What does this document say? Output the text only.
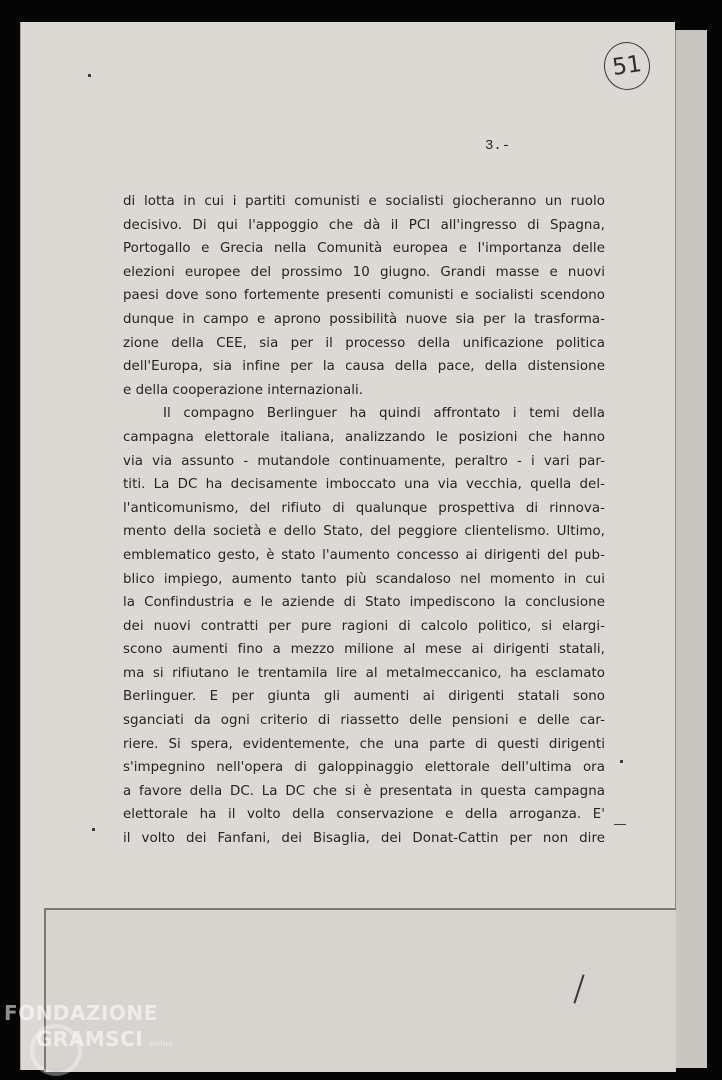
51
3.-
di lotta in cui i partiti comunisti e socialisti giocheranno un ruolo
decisivo. Di qui l'appoggio che dà il PCI all'ingresso di Spagna,
Portogallo e Grecia nella Comunità europea e l'importanza delle
elezioni europee del prossimo 10 giugno. Grandi masse e nuovi
paesi dove sono fortemente presenti comunisti e socialisti scendono
dunque in campo e aprono possibilità nuove sia per la trasforma-
zione della CEE, sia per il processo della unificazione politica
dell'Europa, sia infine per la causa della pace, della distensione
e della cooperazione internazionali.
Il compagno Berlinguer ha quindi affrontato i temi della
campagna elettorale italiana, analizzando le posizioni che hanno
via via assunto - mutandole continuamente, peraltro - i vari par-
titi. La DC ha decisamente imboccato una via vecchia, quella del-
l'anticomunismo, del rifiuto di qualunque prospettiva di rinnova-
mento della società e dello Stato, del peggiore clientelismo. Ultimo,
emblematico gesto, è stato l'aumento concesso ai dirigenti del pub-
blico impiego, aumento tanto più scandaloso nel momento in cui
la Confindustria e le aziende di Stato impediscono la conclusione
dei nuovi contratti per pure ragioni di calcolo politico, si elargi-
scono aumenti fino a mezzo milione al mese ai dirigenti statali,
ma si rifiutano le trentamila lire al metalmeccanico, ha esclamato
Berlinguer. E per giunta gli aumenti ai dirigenti statali sono
sganciati da ogni criterio di riassetto delle pensioni e delle car-
riere. Si spera, evidentemente, che una parte di questi dirigenti
s'impegnino nell'opera di galoppinaggio elettorale dell'ultima ora
a favore della DC. La DC che si è presentata in questa campagna
elettorale ha il volto della conservazione e della arroganza. E'
il volto dei Fanfani, dei Bisaglia, dei Donat-Cattin per non dire
FONDAZIONE
GRAMSCI onlus
